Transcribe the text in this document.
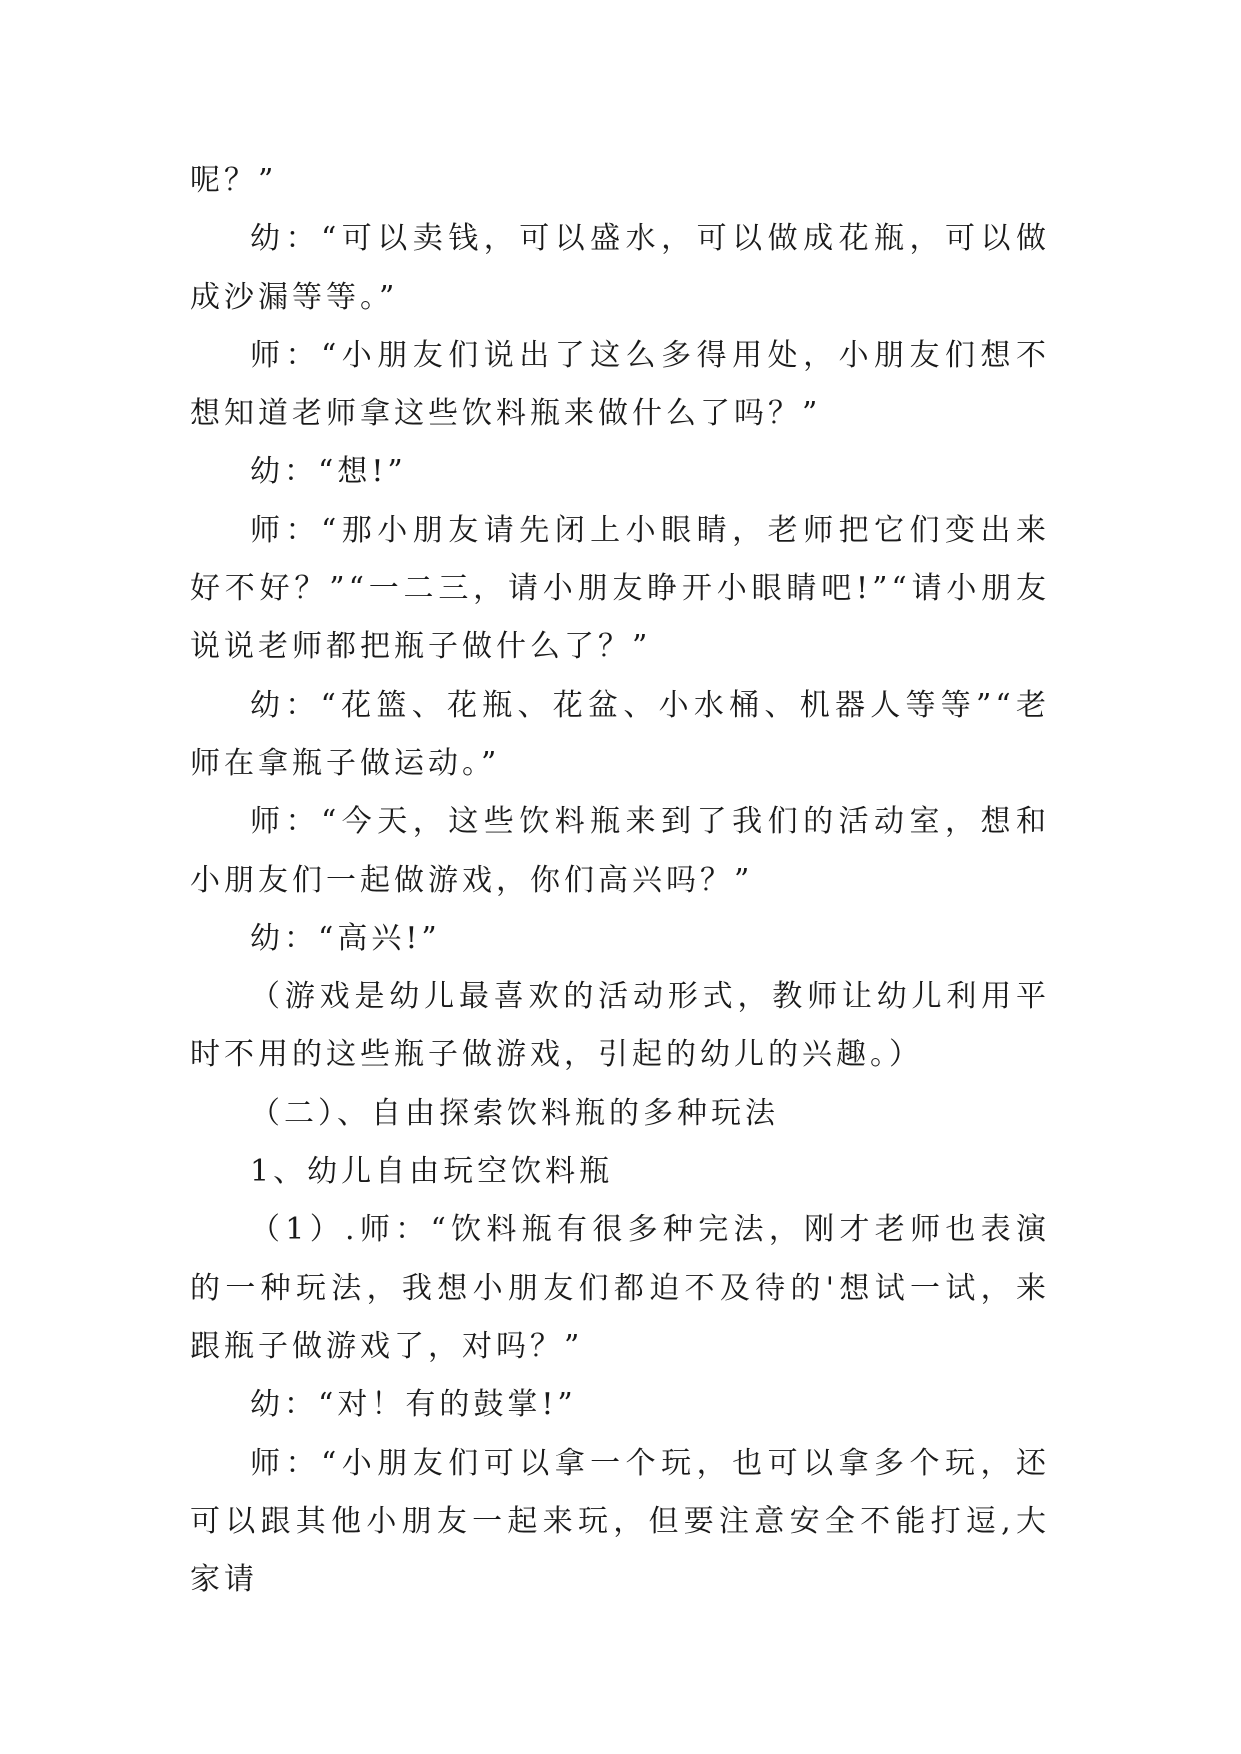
呢？”

幼：“可以卖钱，可以盛水，可以做成花瓶，可以做成沙漏等等。”

师：“小朋友们说出了这么多得用处，小朋友们想不想知道老师拿这些饮料瓶来做什么了吗？”

幼：“想!”

师：“那小朋友请先闭上小眼睛，老师把它们变出来好不好？”“一二三，请小朋友睁开小眼睛吧!”“请小朋友说说老师都把瓶子做什么了？”

幼：“花篮、花瓶、花盆、小水桶、机器人等等”“老师在拿瓶子做运动。”

师：“今天，这些饮料瓶来到了我们的活动室，想和小朋友们一起做游戏，你们高兴吗？”

幼：“高兴!”

（游戏是幼儿最喜欢的活动形式，教师让幼儿利用平时不用的这些瓶子做游戏，引起的幼儿的兴趣。）

（二）、自由探索饮料瓶的多种玩法

1、幼儿自由玩空饮料瓶

（1）.师：“饮料瓶有很多种完法，刚才老师也表演的一种玩法，我想小朋友们都迫不及待的'想试一试，来跟瓶子做游戏了，对吗？”

幼：“对！有的鼓掌!”

师：“小朋友们可以拿一个玩，也可以拿多个玩，还可以跟其他小朋友一起来玩，但要注意安全不能打逗,大家请
